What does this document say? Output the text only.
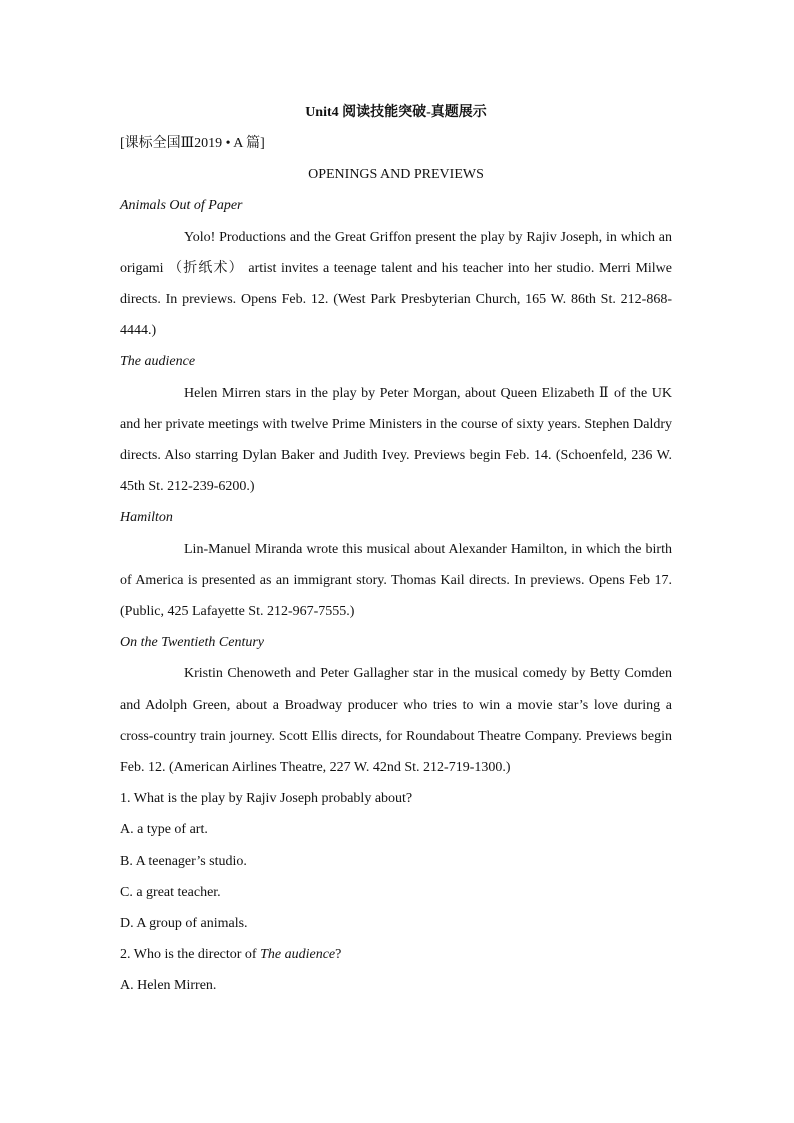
Unit4 阅读技能突破-真题展示

[课标全国Ⅲ2019 • A 篇]

OPENINGS AND PREVIEWS

Animals Out of Paper

Yolo! Productions and the Great Griffon present the play by Rajiv Joseph, in which an origami （折纸术） artist invites a teenage talent and his teacher into her studio. Merri Milwe directs. In previews. Opens Feb. 12. (West Park Presbyterian Church, 165 W. 86th St. 212-868-4444.)

The audience

Helen Mirren stars in the play by Peter Morgan, about Queen Elizabeth Ⅱ of the UK and her private meetings with twelve Prime Ministers in the course of sixty years. Stephen Daldry directs. Also starring Dylan Baker and Judith Ivey. Previews begin Feb. 14. (Schoenfeld, 236 W. 45th St. 212-239-6200.)

Hamilton

Lin-Manuel Miranda wrote this musical about Alexander Hamilton, in which the birth of America is presented as an immigrant story. Thomas Kail directs. In previews. Opens Feb 17. (Public, 425 Lafayette St. 212-967-7555.)

On the Twentieth Century

Kristin Chenoweth and Peter Gallagher star in the musical comedy by Betty Comden and Adolph Green, about a Broadway producer who tries to win a movie star’s love during a cross-country train journey. Scott Ellis directs, for Roundabout Theatre Company. Previews begin Feb. 12. (American Airlines Theatre, 227 W. 42nd St. 212-719-1300.)

1. What is the play by Rajiv Joseph probably about?

A. a type of art.

B. A teenager’s studio.

C. a great teacher.

D. A group of animals.

2. Who is the director of The audience?

A. Helen Mirren.
